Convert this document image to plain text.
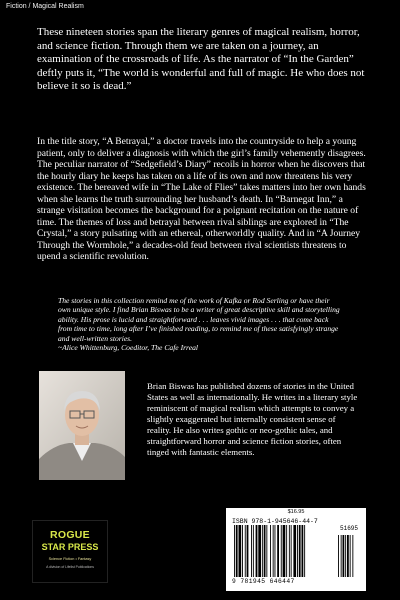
Fiction / Magical Realism

These nineteen stories span the literary genres of magical realism, horror, and science fiction. Through them we are taken on a journey, an examination of the crossroads of life. As the narrator of “In the Garden” deftly puts it, “The world is wonderful and full of magic. He who does not believe it so is dead.”

In the title story, “A Betrayal,” a doctor travels into the countryside to help a young patient, only to deliver a diagnosis with which the girl’s family vehemently disagrees. The peculiar narrator of “Sedgefield’s Diary” recoils in horror when he discovers that the hourly diary he keeps has taken on a life of its own and now threatens his very existence. The bereaved wife in “The Lake of Flies” takes matters into her own hands when she learns the truth surrounding her husband’s death. In “Barnegat Inn,” a strange visitation becomes the background for a poignant recitation on the nature of time. The themes of loss and betrayal between rival siblings are explored in “The Crystal,” a story pulsating with an ethereal, otherworldly quality. And in “A Journey Through the Wormhole,” a decades-old feud between rival scientists threatens to upend a scientific revolution.

The stories in this collection remind me of the work of Kafka or Rod Serling or have their own unique style. I find Brian Biswas to be a writer of great descriptive skill and storytelling ability. His prose is lucid and straightforward . . . leaves vivid images . . . that come back from time to time, long after I’ve finished reading, to remind me of these satisfyingly strange and well-written stories.
~Alice Whittenburg, Coeditor, The Cafe Irreal

Brian Biswas has published dozens of stories in the United States as well as internationally. He writes in a literary style reminiscent of magical realism which attempts to convey a slightly exaggerated but internally consistent sense of reality. He also writes gothic or neo-gothic tales, and straightforward horror and science fiction stories, often tinged with fantastic elements.

ROGUE
STAR PRESS
Science Fiction • Fantasy
A division of Lifelist Publications
$16.95
ISBN 978-1-945646-44-7
51695
9 781945 646447
